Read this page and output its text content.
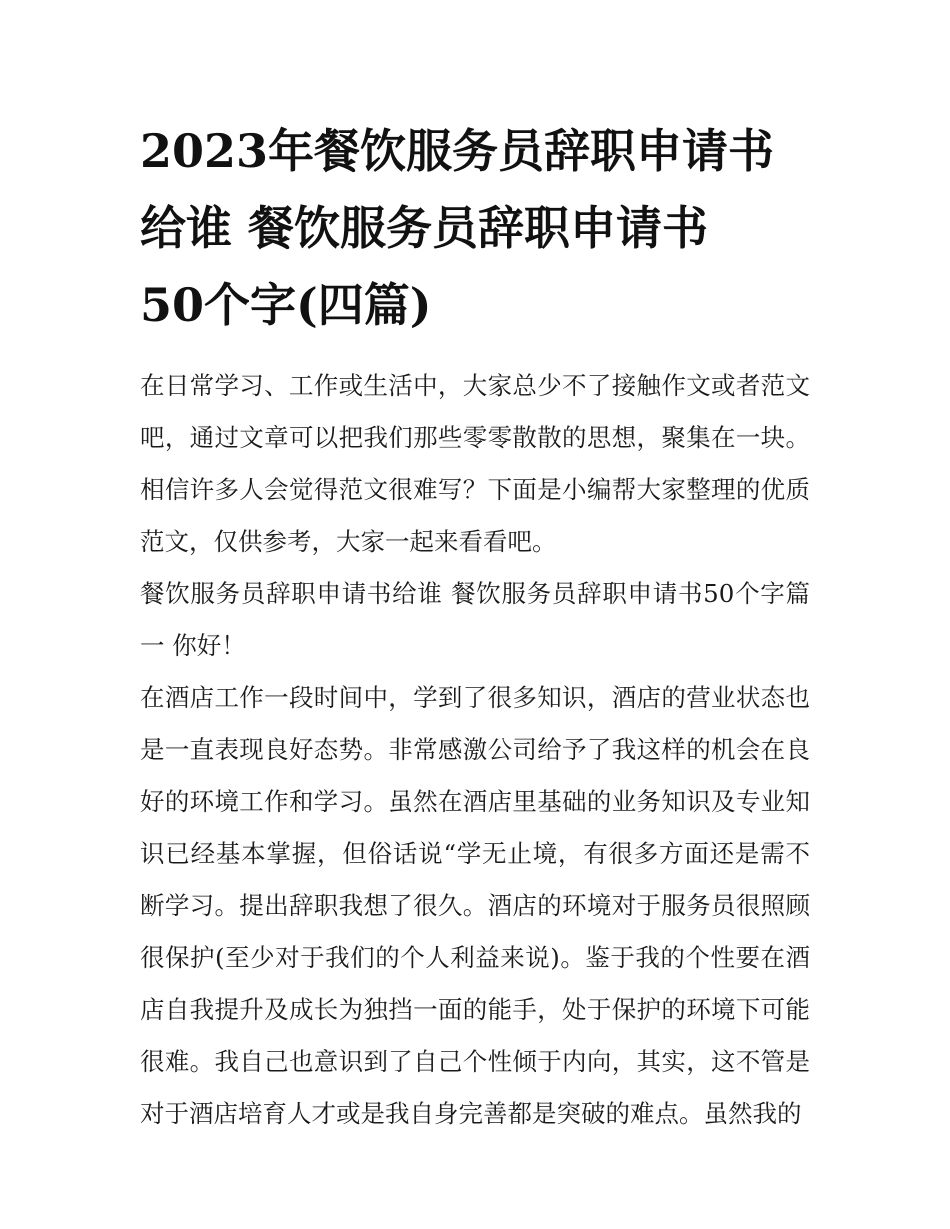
2023年餐饮服务员辞职申请书
给谁 餐饮服务员辞职申请书
50个字(四篇)

在日常学习、工作或生活中，大家总少不了接触作文或者范文吧，通过文章可以把我们那些零零散散的思想，聚集在一块。相信许多人会觉得范文很难写？下面是小编帮大家整理的优质范文，仅供参考，大家一起来看看吧。

餐饮服务员辞职申请书给谁 餐饮服务员辞职申请书50个字篇一 你好！

在酒店工作一段时间中，学到了很多知识，酒店的营业状态也是一直表现良好态势。非常感激公司给予了我这样的机会在良好的环境工作和学习。虽然在酒店里基础的业务知识及专业知识已经基本掌握，但俗话说“学无止境，有很多方面还是需不断学习。提出辞职我想了很久。酒店的环境对于服务员很照顾很保护(至少对于我们的个人利益来说)。鉴于我的个性要在酒店自我提升及成长为独挡一面的能手，处于保护的环境下可能很难。我自己也意识到了自己个性倾于内向，其实，这不管是对于酒店培育人才或是我自身完善都是突破的难点。虽然我的
